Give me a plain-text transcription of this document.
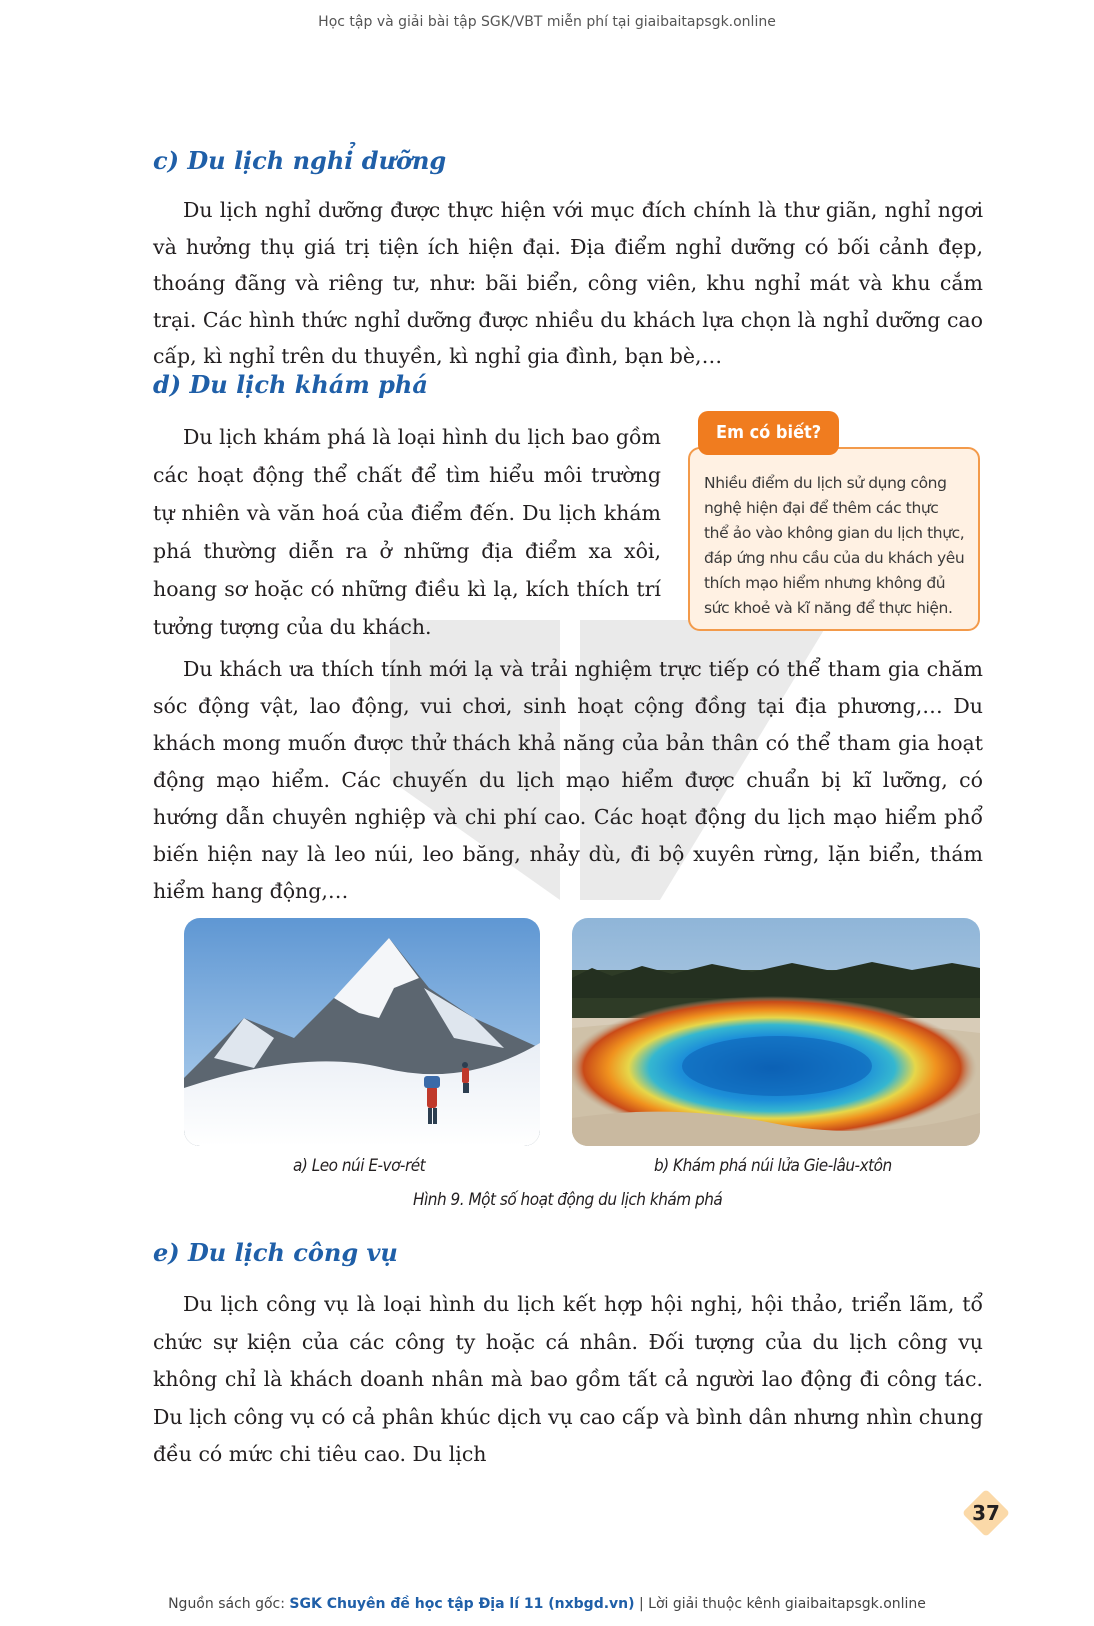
Học tập và giải bài tập SGK/VBT miễn phí tại giaibaitapsgk.online
c) Du lịch nghỉ dưỡng

Du lịch nghỉ dưỡng được thực hiện với mục đích chính là thư giãn, nghỉ ngơi và hưởng thụ giá trị tiện ích hiện đại. Địa điểm nghỉ dưỡng có bối cảnh đẹp, thoáng đãng và riêng tư, như: bãi biển, công viên, khu nghỉ mát và khu cắm trại. Các hình thức nghỉ dưỡng được nhiều du khách lựa chọn là nghỉ dưỡng cao cấp, kì nghỉ trên du thuyền, kì nghỉ gia đình, bạn bè,…

d) Du lịch khám phá

Du lịch khám phá là loại hình du lịch bao gồm các hoạt động thể chất để tìm hiểu môi trường tự nhiên và văn hoá của điểm đến. Du lịch khám phá thường diễn ra ở những địa điểm xa xôi, hoang sơ hoặc có những điều kì lạ, kích thích trí tưởng tượng của du khách.

Nhiều điểm du lịch sử dụng công nghệ hiện đại để thêm các thực thể ảo vào không gian du lịch thực, đáp ứng nhu cầu của du khách yêu thích mạo hiểm nhưng không đủ sức khoẻ và kĩ năng để thực hiện.

Em có biết?

Du khách ưa thích tính mới lạ và trải nghiệm trực tiếp có thể tham gia chăm sóc động vật, lao động, vui chơi, sinh hoạt cộng đồng tại địa phương,… Du khách mong muốn được thử thách khả năng của bản thân có thể tham gia hoạt động mạo hiểm. Các chuyến du lịch mạo hiểm được chuẩn bị kĩ lưỡng, có hướng dẫn chuyên nghiệp và chi phí cao. Các hoạt động du lịch mạo hiểm phổ biến hiện nay là leo núi, leo băng, nhảy dù, đi bộ xuyên rừng, lặn biển, thám hiểm hang động,…

a) Leo núi E-vơ-rét	b) Khám phá núi lửa Gie-lâu-xtôn
Hình 9. Một số hoạt động du lịch khám phá
e) Du lịch công vụ

Du lịch công vụ là loại hình du lịch kết hợp hội nghị, hội thảo, triển lãm, tổ chức sự kiện của các công ty hoặc cá nhân. Đối tượng của du lịch công vụ không chỉ là khách doanh nhân mà bao gồm tất cả người lao động đi công tác. Du lịch công vụ có cả phân khúc dịch vụ cao cấp và bình dân nhưng nhìn chung đều có mức chi tiêu cao. Du lịch

37
Nguồn sách gốc: SGK Chuyên đề học tập Địa lí 11 (nxbgd.vn) | Lời giải thuộc kênh giaibaitapsgk.online
